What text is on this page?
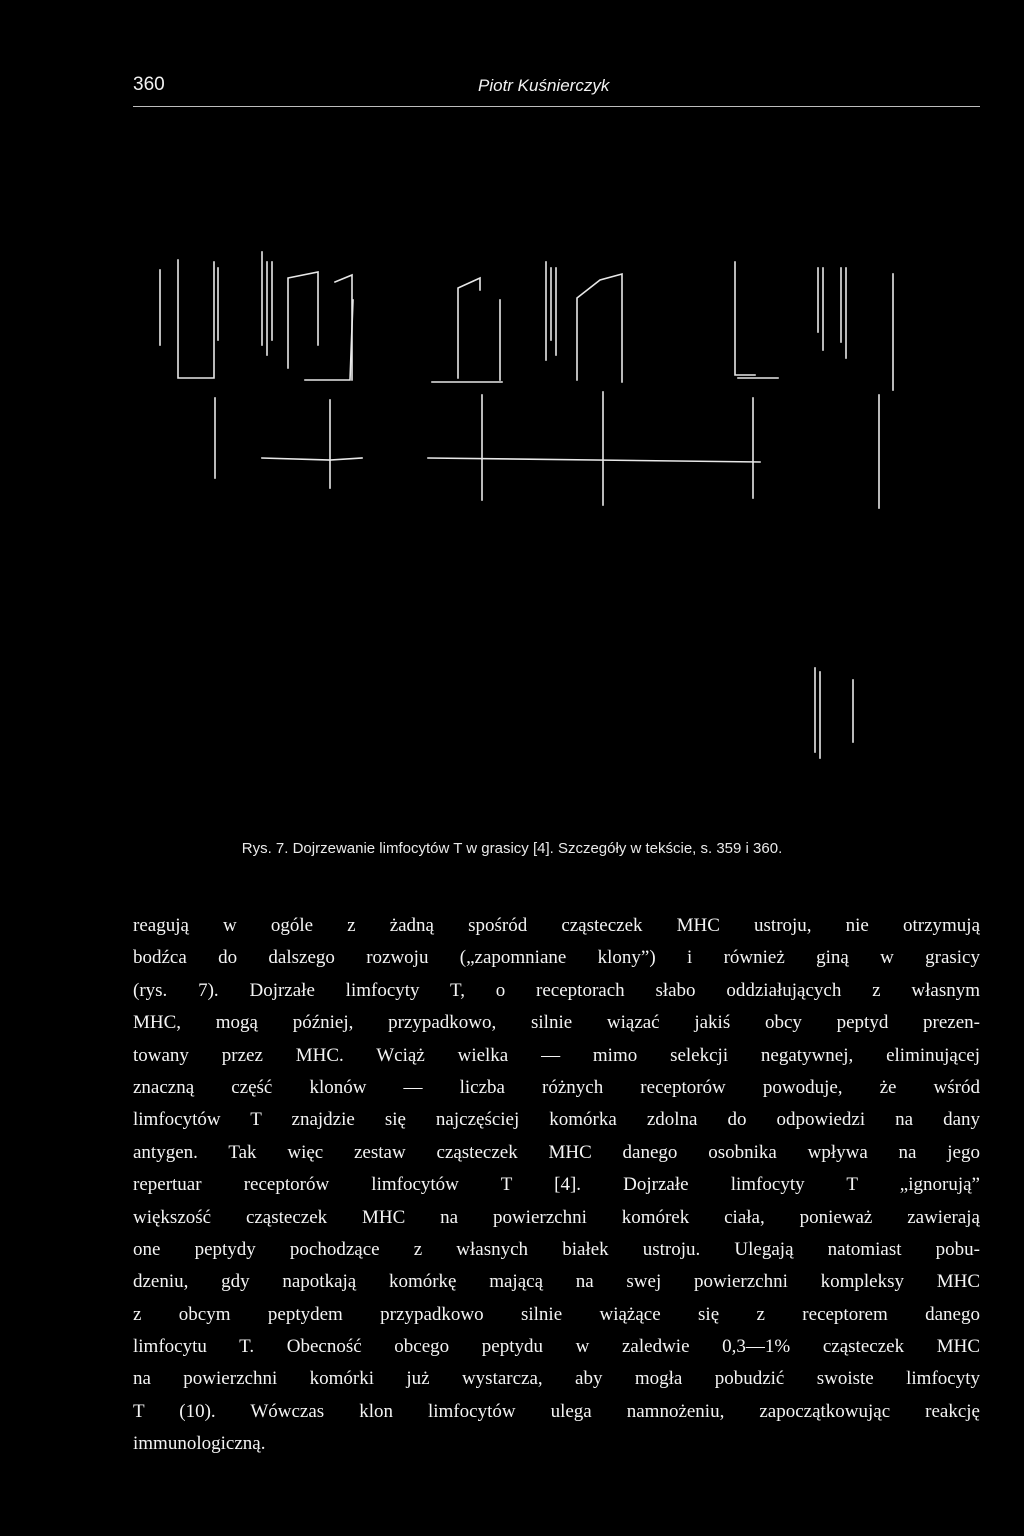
360	Piotr Kuśnierczyk
Rys. 7. Dojrzewanie limfocytów T w grasicy [4]. Szczegóły w tekście, s. 359 i 360.
reagują w ogóle z żadną spośród cząsteczek MHC ustroju, nie otrzymują
bodźca do dalszego rozwoju („zapomniane klony”) i również giną w grasicy
(rys. 7). Dojrzałe limfocyty T, o receptorach słabo oddziałujących z własnym
MHC, mogą później, przypadkowo, silnie wiązać jakiś obcy peptyd prezen-
towany przez MHC. Wciąż wielka — mimo selekcji negatywnej, eliminującej
znaczną część klonów — liczba różnych receptorów powoduje, że wśród
limfocytów T znajdzie się najczęściej komórka zdolna do odpowiedzi na dany
antygen. Tak więc zestaw cząsteczek MHC danego osobnika wpływa na jego
repertuar receptorów limfocytów T [4]. Dojrzałe limfocyty T „ignorują”
większość cząsteczek MHC na powierzchni komórek ciała, ponieważ zawierają
one peptydy pochodzące z własnych białek ustroju. Ulegają natomiast pobu-
dzeniu, gdy napotkają komórkę mającą na swej powierzchni kompleksy MHC
z obcym peptydem przypadkowo silnie wiążące się z receptorem danego
limfocytu T. Obecność obcego peptydu w zaledwie 0,3—1% cząsteczek MHC
na powierzchni komórki już wystarcza, aby mogła pobudzić swoiste limfocyty
T (10). Wówczas klon limfocytów ulega namnożeniu, zapoczątkowując reakcję
immunologiczną.
